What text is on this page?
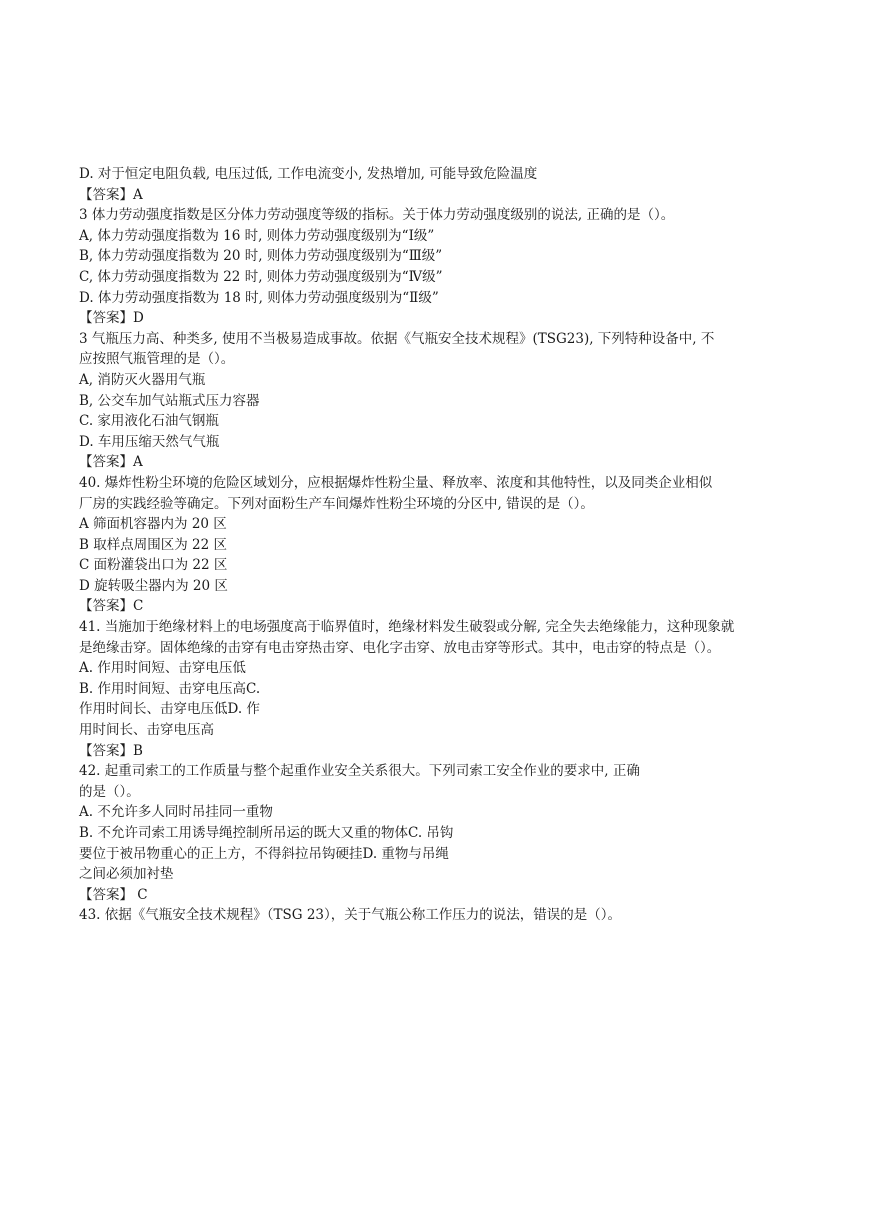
D. 对于恒定电阻负载, 电压过低, 工作电流变小, 发热增加, 可能导致危险温度
【答案】A
3 体力劳动强度指数是区分体力劳动强度等级的指标。关于体力劳动强度级别的说法, 正确的是（）。
A, 体力劳动强度指数为 16 时, 则体力劳动强度级别为“Ⅰ级”
B, 体力劳动强度指数为 20 时, 则体力劳动强度级别为“Ⅲ级”
C, 体力劳动强度指数为 22 时, 则体力劳动强度级别为“Ⅳ级”
D. 体力劳动强度指数为 18 时, 则体力劳动强度级别为“Ⅱ级”
【答案】D
3 气瓶压力高、种类多, 使用不当极易造成事故。依据《气瓶安全技术规程》(TSG23), 下列特种设备中, 不
应按照气瓶管理的是（）。
A, 消防灭火器用气瓶
B, 公交车加气站瓶式压力容器
C. 家用液化石油气钢瓶
D. 车用压缩天然气气瓶
【答案】A
40. 爆炸性粉尘环境的危险区域划分，应根据爆炸性粉尘量、释放率、浓度和其他特性，以及同类企业相似
厂房的实践经验等确定。下列对面粉生产车间爆炸性粉尘环境的分区中, 错误的是（）。
A 筛面机容器内为 20 区
B 取样点周围区为 22 区
C 面粉灌袋出口为 22 区
D 旋转吸尘器内为 20 区
【答案】C
41. 当施加于绝缘材料上的电场强度高于临界值时，绝缘材料发生破裂或分解, 完全失去绝缘能力，这种现象就
是绝缘击穿。固体绝缘的击穿有电击穿热击穿、电化字击穿、放电击穿等形式。其中，电击穿的特点是（）。
A. 作用时间短、击穿电压低
B. 作用时间短、击穿电压高C.
作用时间长、击穿电压低D. 作
用时间长、击穿电压高
【答案】B
42. 起重司索工的工作质量与整个起重作业安全关系很大。下列司索工安全作业的要求中, 正确
的是（）。
A. 不允许多人同时吊挂同一重物
B. 不允许司索工用诱导绳控制所吊运的既大又重的物体C. 吊钩
要位于被吊物重心的正上方，不得斜拉吊钩硬挂D. 重物与吊绳
之间必须加衬垫
【答案】 C
43. 依据《气瓶安全技术规程》（TSG 23），关于气瓶公称工作压力的说法，错误的是（）。
